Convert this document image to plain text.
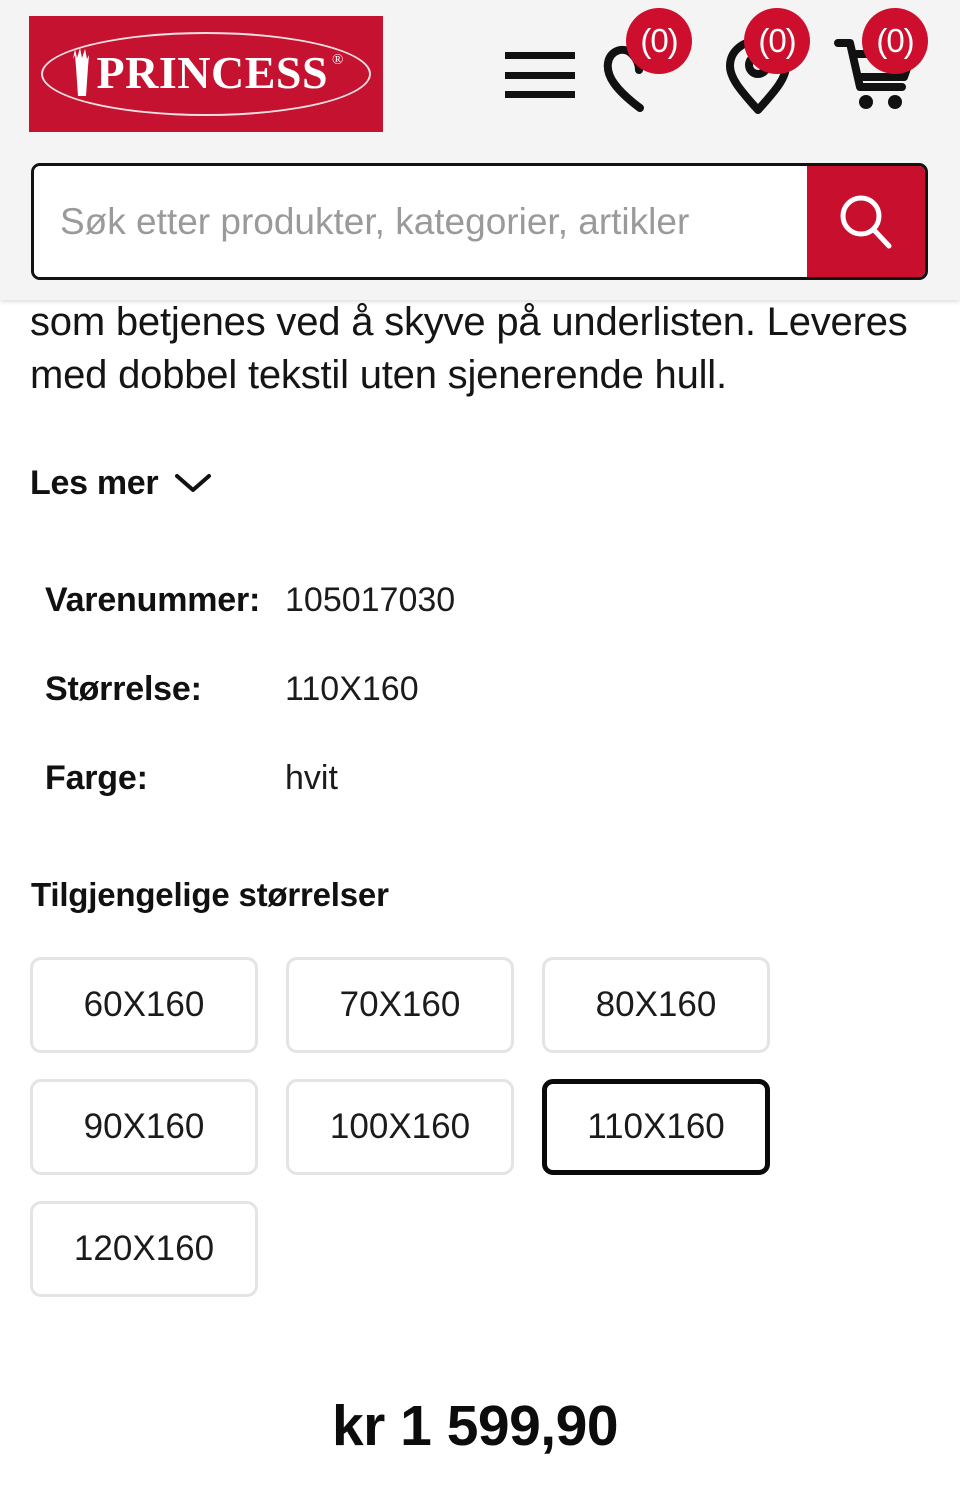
PRINCESS ®
(0)	(0)	(0)
Søk etter produkter, kategorier, artikler
som betjenes ved å skyve på underlisten. Leveres med dobbel tekstil uten sjenerende hull.
Les mer
Varenummer: 105017030
Størrelse:	110X160
Farge:	hvit
Tilgjengelige størrelser
60X160	70X160	80X160
90X160	100X160	110X160
120X160
kr 1 599,90
